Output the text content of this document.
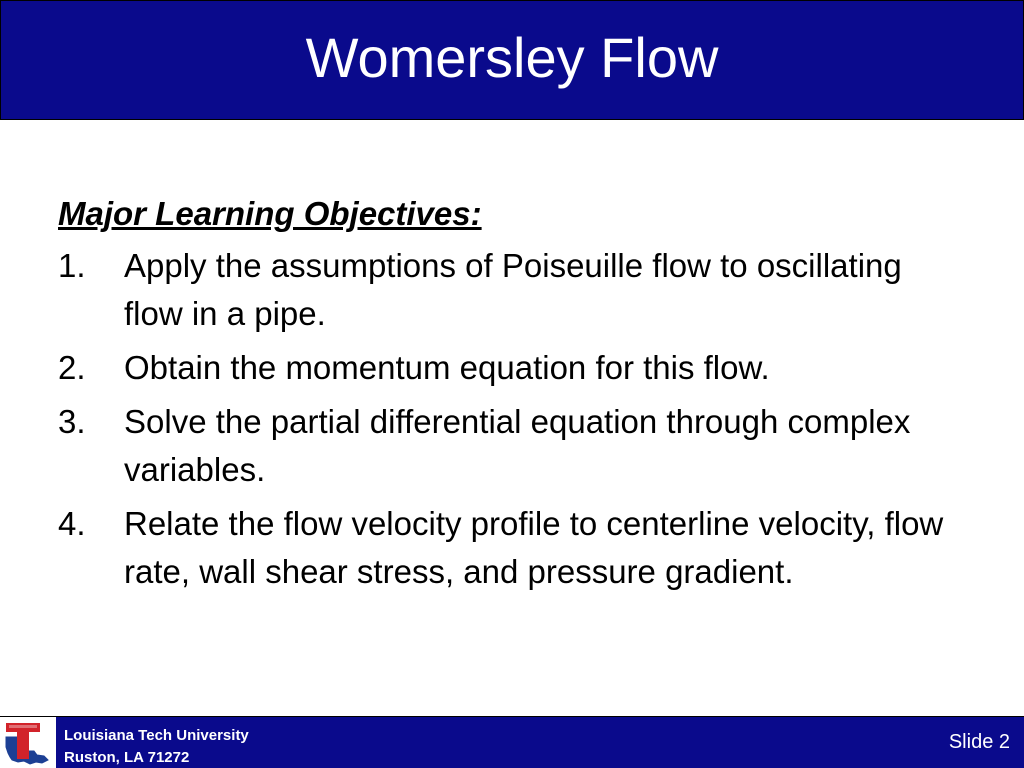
Womersley Flow
Major Learning Objectives:
1.	Apply the assumptions of Poiseuille flow to oscillating flow in a pipe.
2.	Obtain the momentum equation for this flow.
3.	Solve the partial differential equation through complex variables.
4.	Relate the flow velocity profile to centerline velocity, flow rate, wall shear stress, and pressure gradient.
Louisiana Tech University
Ruston, LA 71272
Slide 2
